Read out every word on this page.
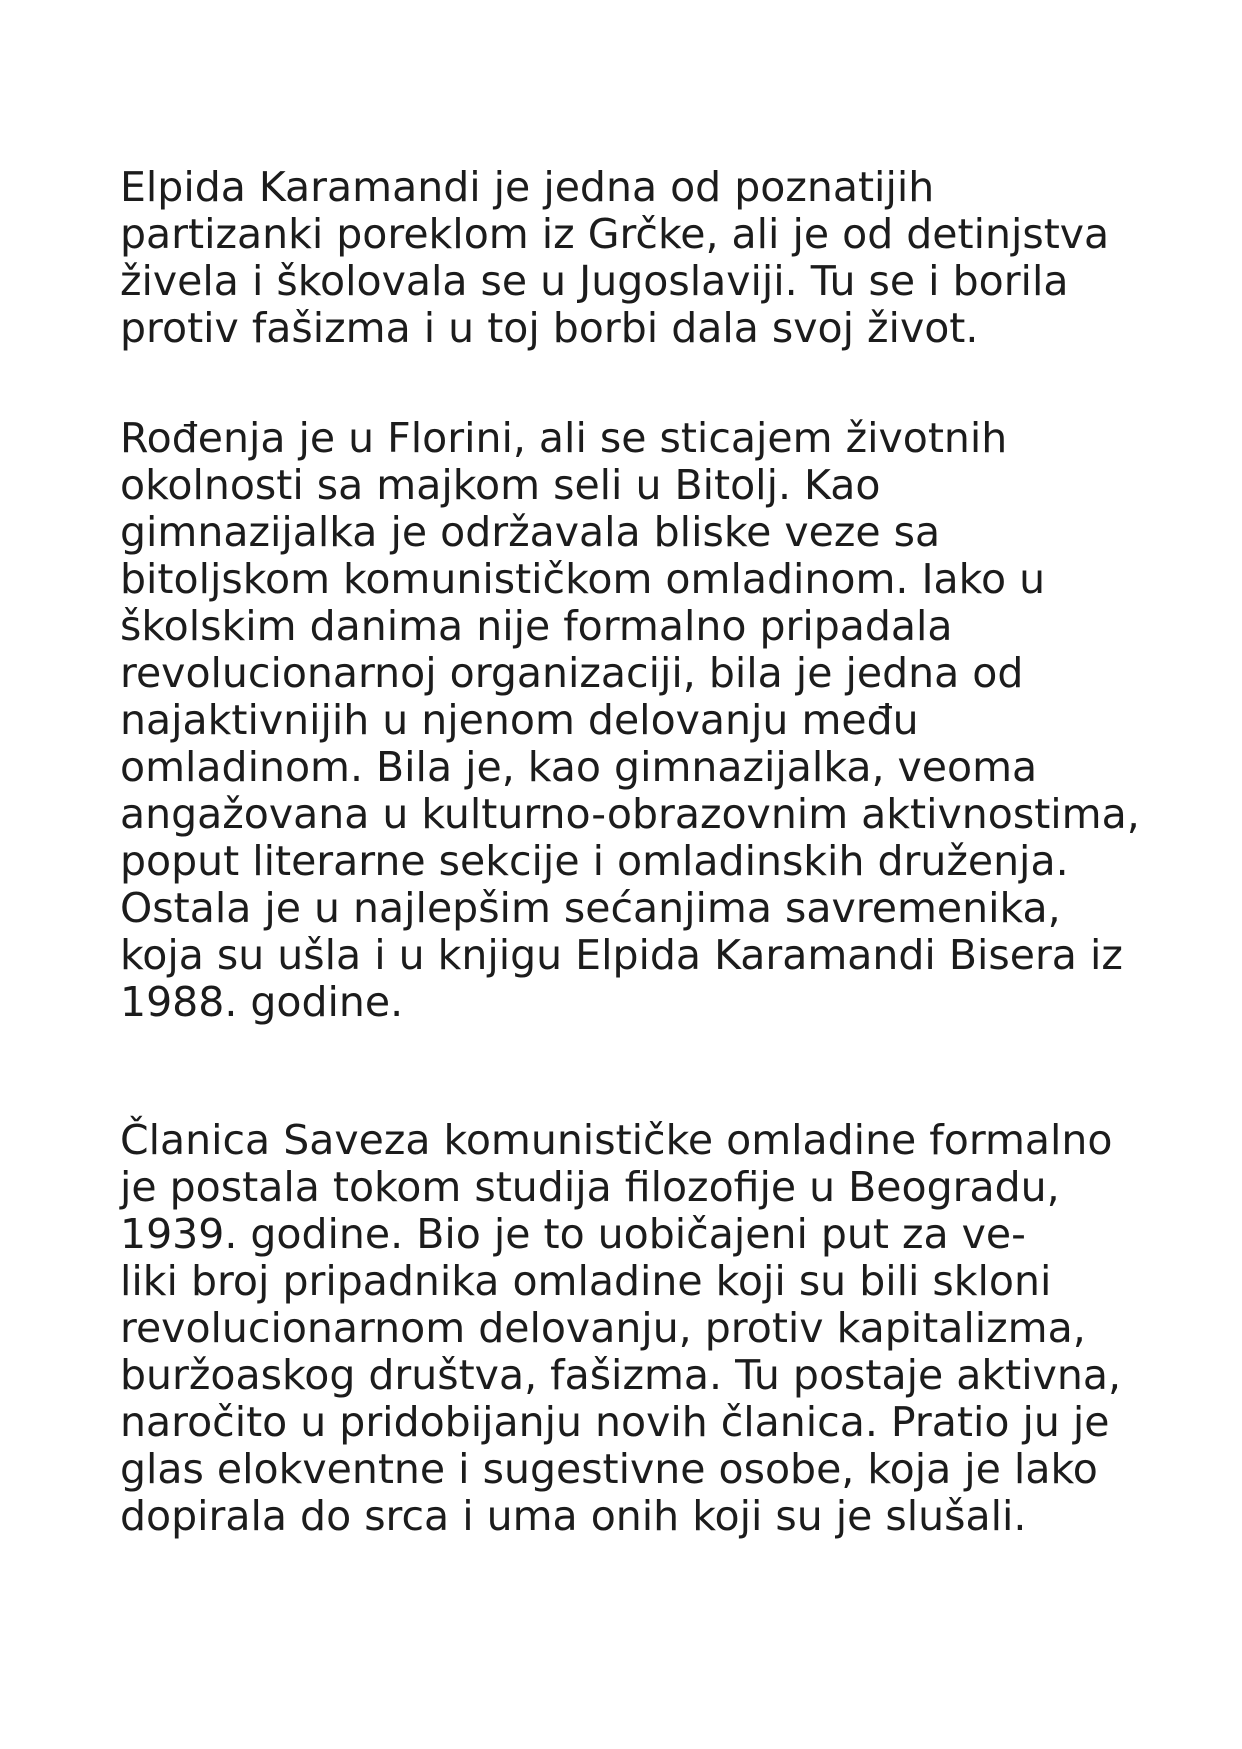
Elpida Karamandi je jedna od poznatijih
partizanki poreklom iz Grčke, ali je od detinjstva
živela i školovala se u Jugoslaviji. Tu se i borila
protiv fašizma i u toj borbi dala svoj život.
Rođenja je u Florini, ali se sticajem životnih
okolnosti sa majkom seli u Bitolj. Kao
gimnazijalka je održavala bliske veze sa
bitoljskom komunističkom omladinom. Iako u
školskim danima nije formalno pripadala
revolucionarnoj organizaciji, bila je jedna od
najaktivnijih u njenom delovanju među
omladinom. Bila je, kao gimnazijalka, veoma
angažovana u kulturno-obrazovnim aktivnostima,
poput literarne sekcije i omladinskih druženja.
Ostala je u najlepšim sećanjima savremenika,
koja su ušla i u knjigu Elpida Karamandi Bisera iz
1988. godine.
Članica Saveza komunističke omladine formalno
je postala tokom studija filozofije u Beogradu,
1939. godine. Bio je to uobičajeni put za ve-
liki broj pripadnika omladine koji su bili skloni
revolucionarnom delovanju, protiv kapitalizma,
buržoaskog društva, fašizma. Tu postaje aktivna,
naročito u pridobijanju novih članica. Pratio ju je
glas elokventne i sugestivne osobe, koja je lako
dopirala do srca i uma onih koji su je slušali.
